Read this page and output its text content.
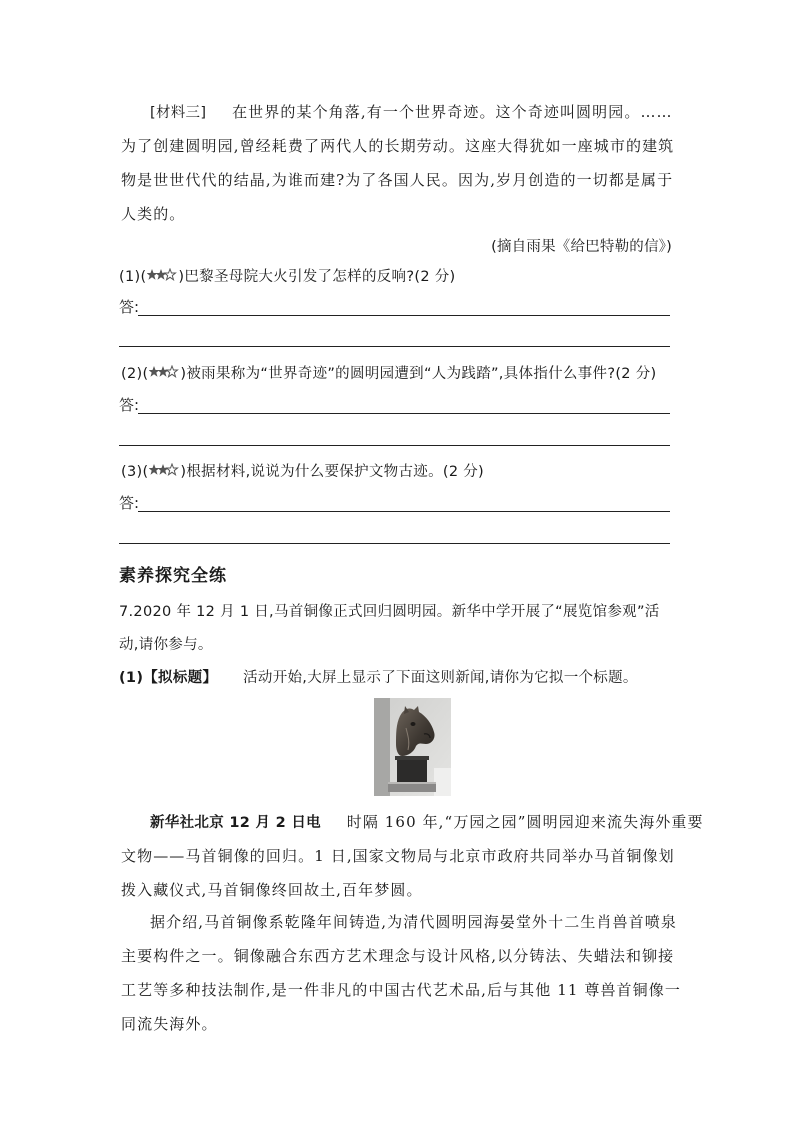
[材料三] 在世界的某个角落,有一个世界奇迹。这个奇迹叫圆明园。……
为了创建圆明园,曾经耗费了两代人的长期劳动。这座大得犹如一座城市的建筑
物是世世代代的结晶,为谁而建?为了各国人民。因为,岁月创造的一切都是属于
人类的。
(摘自雨果《给巴特勒的信》)
(1)( )巴黎圣母院大火引发了怎样的反响?(2 分)
答:
(2)( )被雨果称为“世界奇迹”的圆明园遭到“人为践踏”,具体指什么事件?(2 分)
答:
(3)( )根据材料,说说为什么要保护文物古迹。(2 分)
答:
素养探究全练
7.2020 年 12 月 1 日,马首铜像正式回归圆明园。新华中学开展了“展览馆参观”活
动,请你参与。
(1)【拟标题】 活动开始,大屏上显示了下面这则新闻,请你为它拟一个标题。
新华社北京 12 月 2 日电 时隔 160 年,“万园之园”圆明园迎来流失海外重要
文物——马首铜像的回归。1 日,国家文物局与北京市政府共同举办马首铜像划
拨入藏仪式,马首铜像终回故土,百年梦圆。
据介绍,马首铜像系乾隆年间铸造,为清代圆明园海晏堂外十二生肖兽首喷泉
主要构件之一。铜像融合东西方艺术理念与设计风格,以分铸法、失蜡法和铆接
工艺等多种技法制作,是一件非凡的中国古代艺术品,后与其他 11 尊兽首铜像一
同流失海外。
